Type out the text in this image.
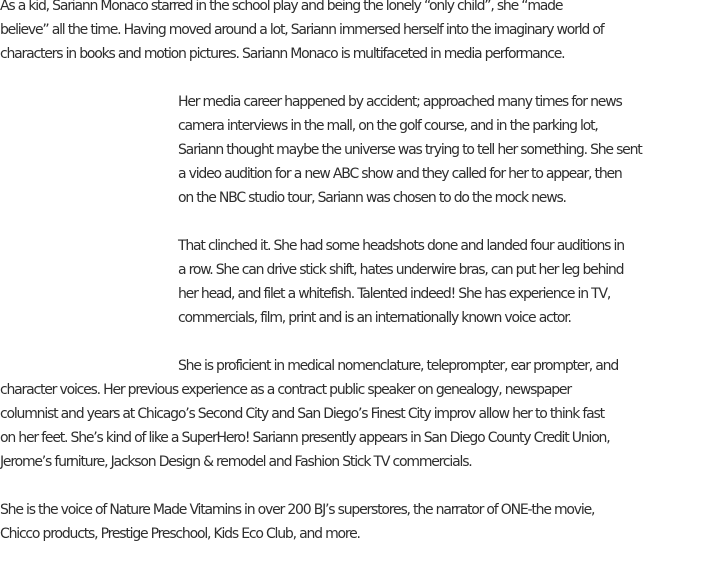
As a kid, Sariann Monaco starred in the school play and being the lonely “only child”, she “made
believe” all the time. Having moved around a lot, Sariann immersed herself into the imaginary world of
characters in books and motion pictures. Sariann Monaco is multifaceted in media performance.

Her media career happened by accident; approached many times for news
camera interviews in the mall, on the golf course, and in the parking lot,
Sariann thought maybe the universe was trying to tell her something. She sent
a video audition for a new ABC show and they called for her to appear, then
on the NBC studio tour, Sariann was chosen to do the mock news.

That clinched it. She had some headshots done and landed four auditions in
a row. She can drive stick shift, hates underwire bras, can put her leg behind
her head, and filet a whitefish. Talented indeed! She has experience in TV,
commercials, film, print and is an internationally known voice actor.

She is proficient in medical nomenclature, teleprompter, ear prompter, and
character voices. Her previous experience as a contract public speaker on genealogy, newspaper
columnist and years at Chicago’s Second City and San Diego’s Finest City improv allow her to think fast
on her feet. She’s kind of like a SuperHero! Sariann presently appears in San Diego County Credit Union,
Jerome’s furniture, Jackson Design & remodel and Fashion Stick TV commercials.

She is the voice of Nature Made Vitamins in over 200 BJ’s superstores, the narrator of ONE-the movie,
Chicco products, Prestige Preschool, Kids Eco Club, and more.
